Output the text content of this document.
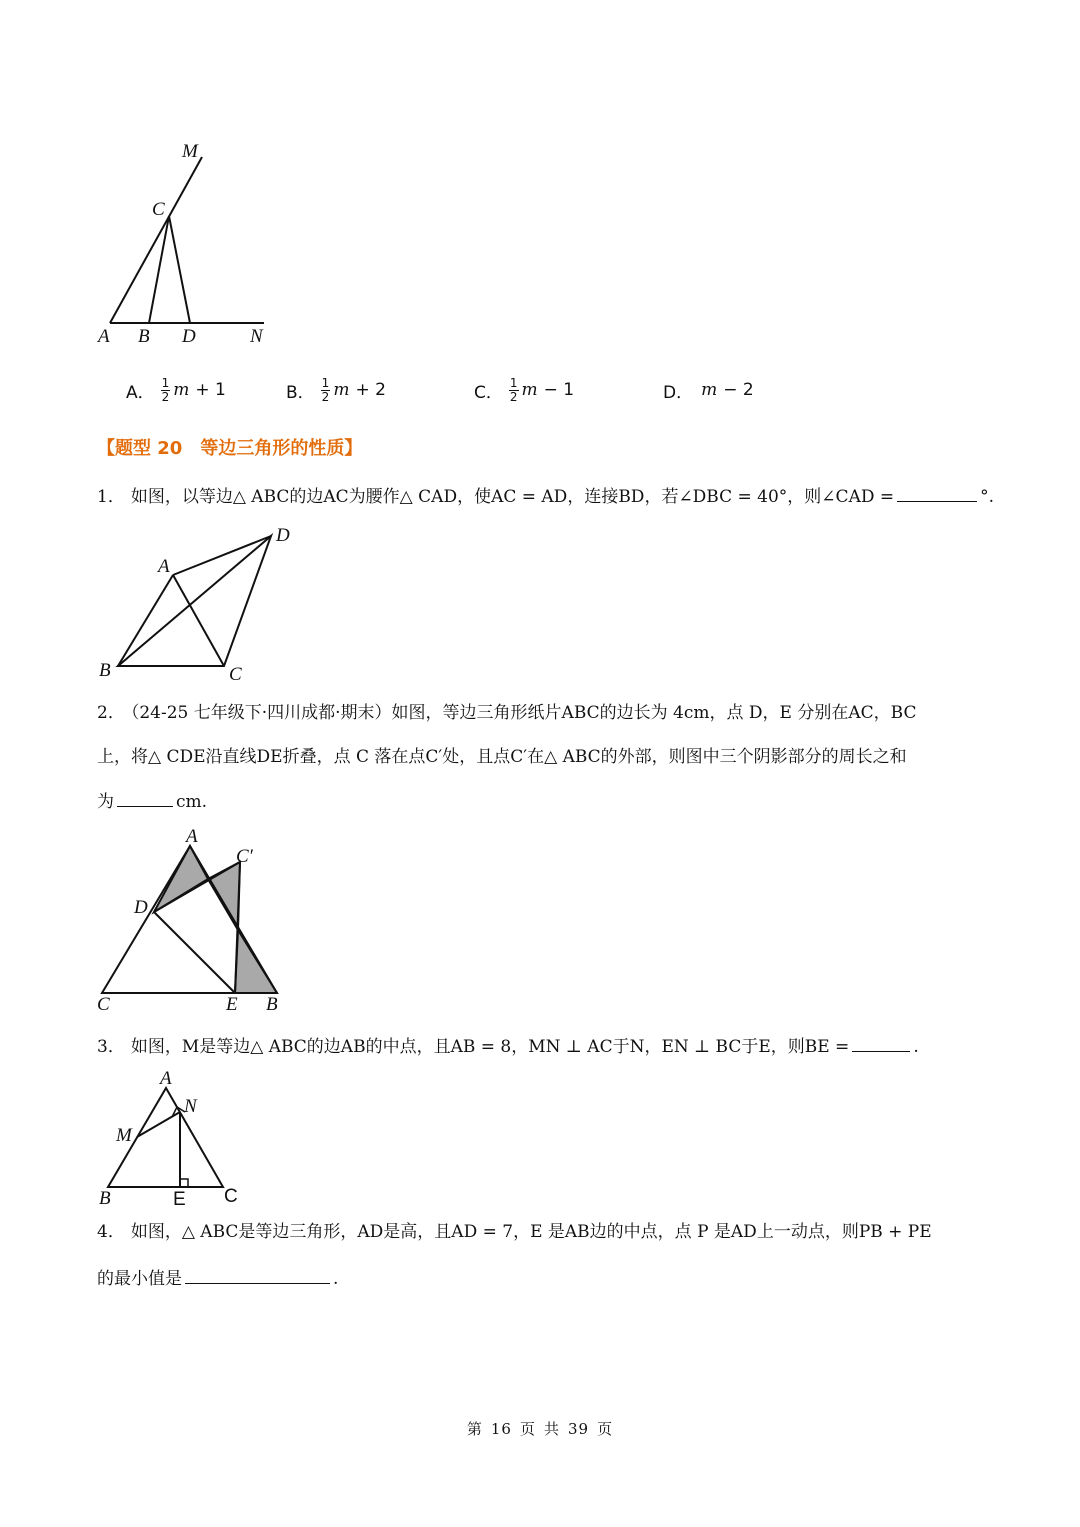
M
C
A B D	N
A． $\frac{1}{2}$ m + 1	B． $\frac{1}{2}$ m + 2	C． $\frac{1}{2}$ m − 1	D． m − 2
【题型 20　等边三角形的性质】
1． 如图，以等边△ ABC的边AC为腰作△ CAD，使AC = AD，连接BD，若∠DBC = 40°，则∠CAD =	°.
D
A
B	C
2． （24-25 七年级下·四川成都·期末）如图，等边三角形纸片ABC的边长为 4cm，点 D，E 分别在AC，BC
上，将△ CDE沿直线DE折叠，点 C 落在点C′处，且点C′在△ ABC的外部，则图中三个阴影部分的周长之和
为	cm.
A
C′
D
C	E B
3． 如图，M是等边△ ABC的边AB的中点，且AB = 8，MN ⊥ AC于N，EN ⊥ BC于E，则BE =	.
A
N
M
B	E C
4． 如图，△ ABC是等边三角形，AD是高，且AD = 7，E 是AB边的中点，点 P 是AD上一动点，则PB + PE
的最小值是	.
第 16 页 共 39 页
